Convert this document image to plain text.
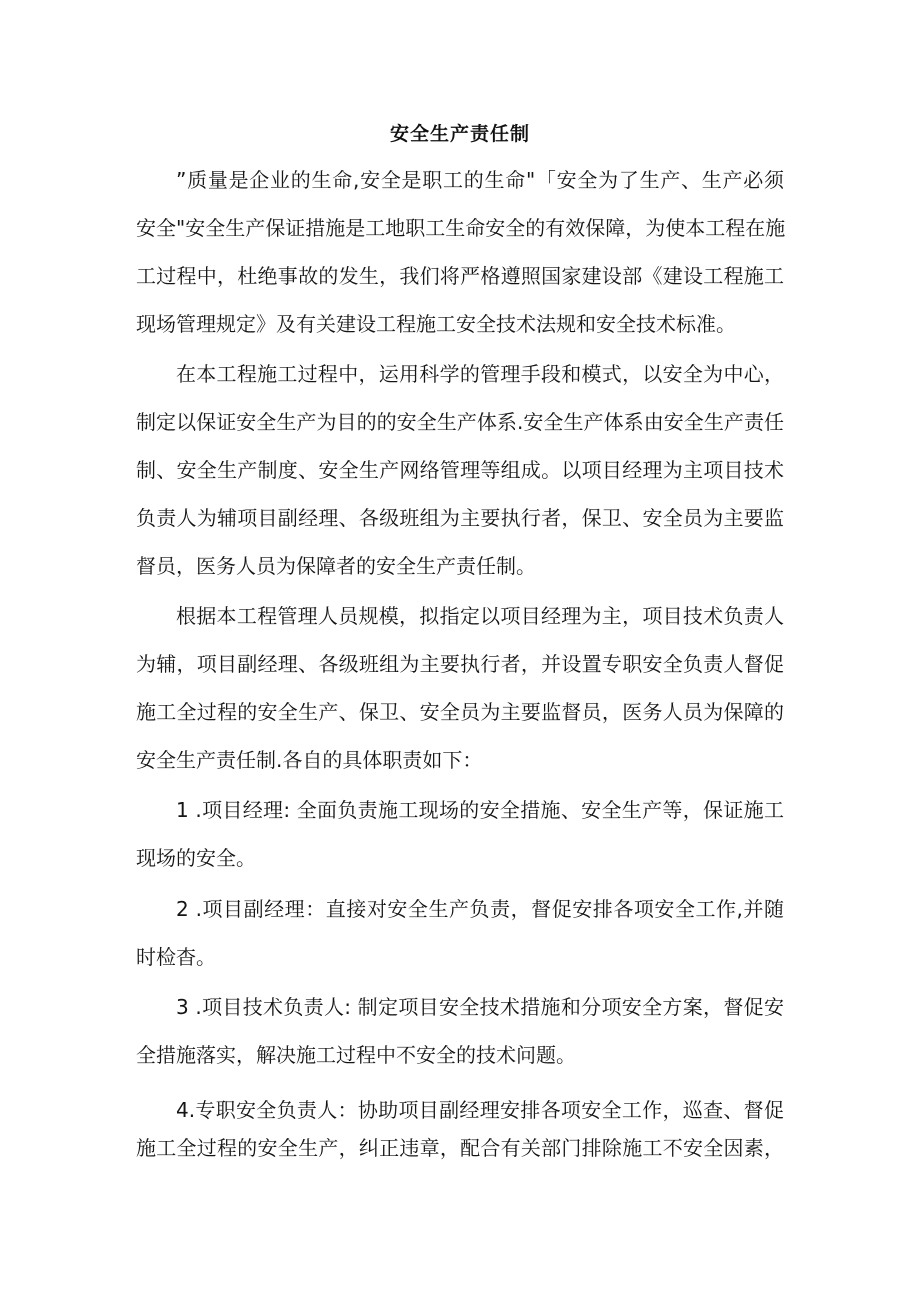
安全生产责任制
”质量是企业的生命,安全是职工的生命"「安全为了生产、生产必须
安全"安全生产保证措施是工地职工生命安全的有效保障，为使本工程在施
工过程中，杜绝事故的发生，我们将严格遵照国家建设部《建设工程施工
现场管理规定》及有关建设工程施工安全技术法规和安全技术标准。
在本工程施工过程中，运用科学的管理手段和模式，以安全为中心，
制定以保证安全生产为目的的安全生产体系.安全生产体系由安全生产责任
制、安全生产制度、安全生产网络管理等组成。以项目经理为主项目技术
负责人为辅项目副经理、各级班组为主要执行者，保卫、安全员为主要监
督员，医务人员为保障者的安全生产责任制。
根据本工程管理人员规模，拟指定以项目经理为主，项目技术负责人
为辅，项目副经理、各级班组为主要执行者，并设置专职安全负责人督促
施工全过程的安全生产、保卫、安全员为主要监督员，医务人员为保障的
安全生产责任制.各自的具体职责如下：
1 .项目经理: 全面负责施工现场的安全措施、安全生产等，保证施工
现场的安全。
2 .项目副经理：直接对安全生产负责，督促安排各项安全工作,并随
时检杳。
3 .项目技术负责人: 制定项目安全技术措施和分项安全方案，督促安
全措施落实，解决施工过程中不安全的技术问题。
4.专职安全负责人：协助项目副经理安排各项安全工作，巡查、督促
施工全过程的安全生产，纠正违章，配合有关部门排除施工不安全因素，
